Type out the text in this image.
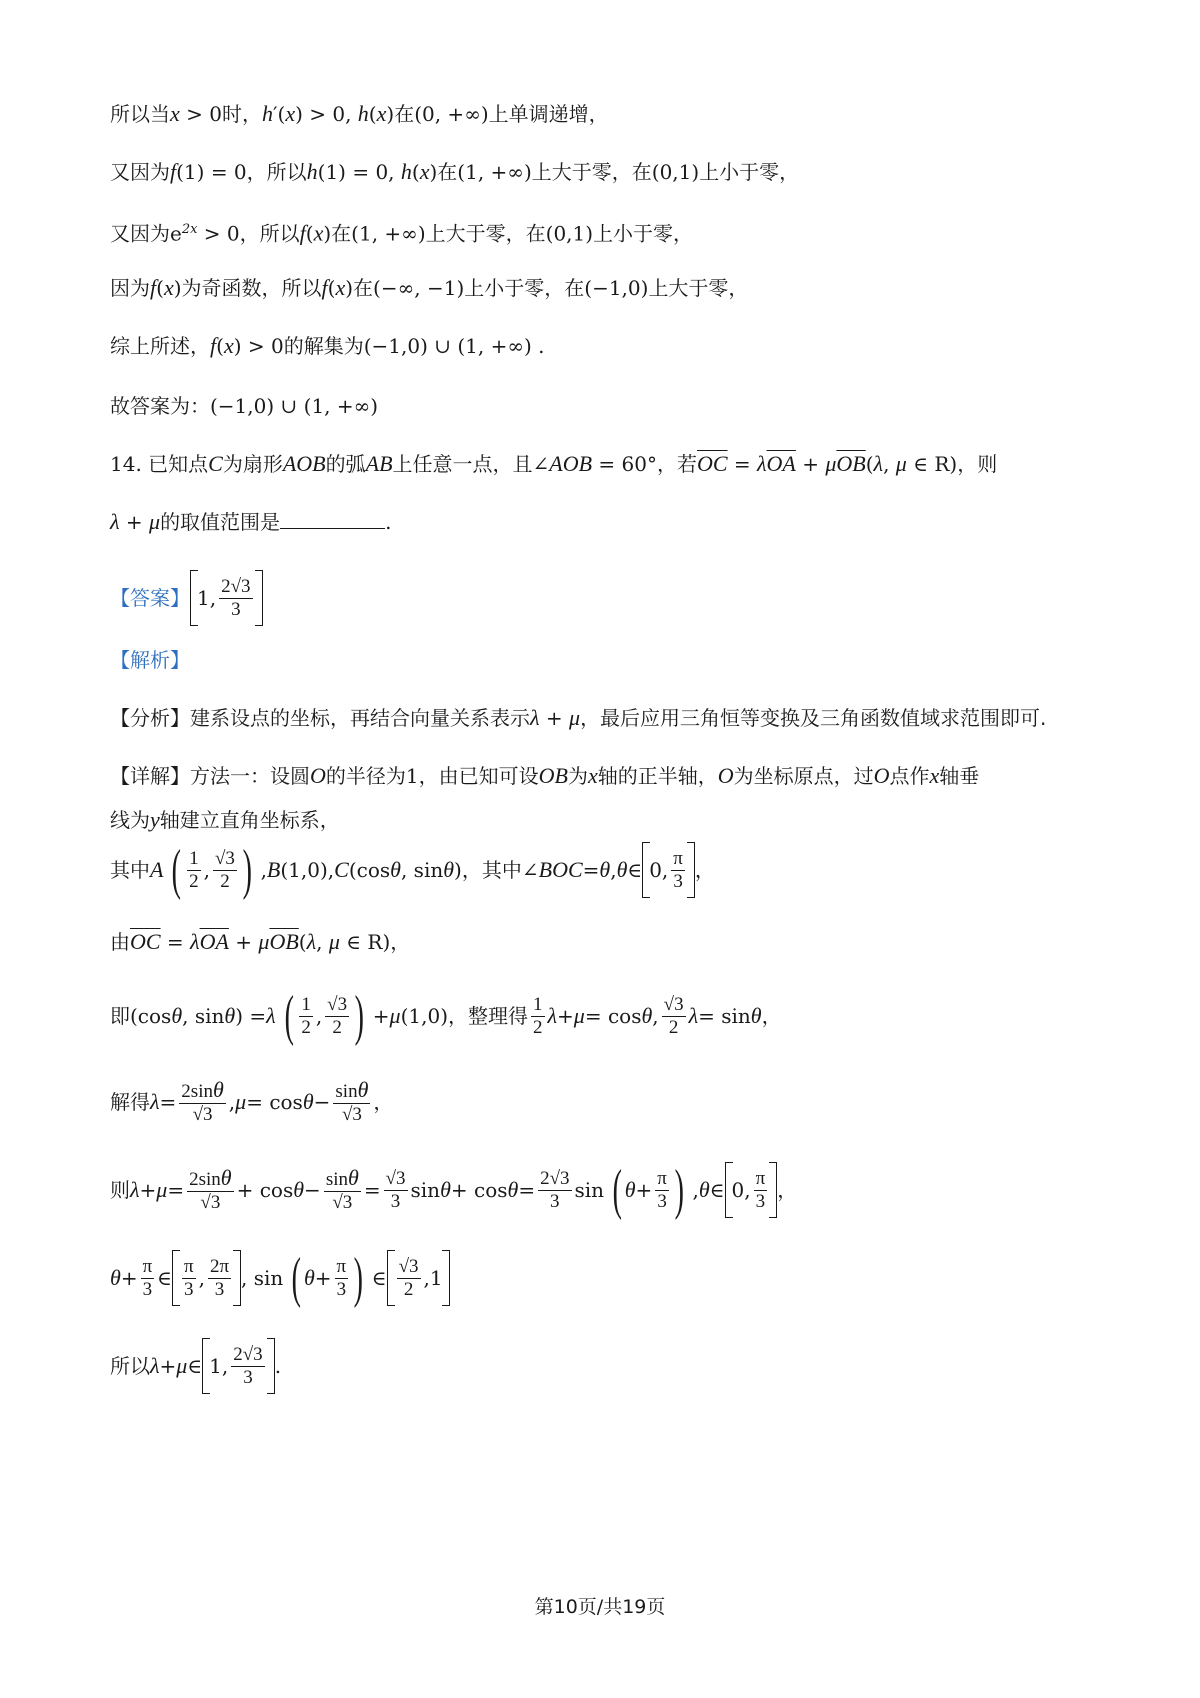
所以当x > 0时，h′(x) > 0, h(x)在(0, +∞)上单调递增，
又因为f(1) = 0，所以h(1) = 0, h(x)在(1, +∞)上大于零，在(0,1)上小于零，
又因为$e^{2x} > 0$，所以f(x)在(1, +∞)上大于零，在(0,1)上小于零，
因为f(x)为奇函数，所以f(x)在(−∞, −1)上小于零，在(−1,0)上大于零，
综上所述，f(x) > 0的解集为(−1,0) ∪ (1, +∞) .
故答案为：(−1,0) ∪ (1, +∞)
14. 已知点C为扇形AOB的弧AB上任意一点，且∠AOB = 60°，若$\overline{OC} = \lambda\overline{OA} + \mu\overline{OB}(\lambda$, μ ∈ R)，则
λ + μ的取值范围是	.
【答案】 1, $\frac{2√3}{3}$
【解析】
【分析】建系设点的坐标，再结合向量关系表示λ + μ，最后应用三角恒等变换及三角函数值域求范围即可.
【详解】方法一：设圆O的半径为1，由已知可设OB为x轴的正半轴，O为坐标原点，过O点作x轴垂
线为y轴建立直角坐标系，
其中 A ( $\frac{1}{2}$ , $\frac{√3}{2}$
) , B (1,0), C (cos θ , sin θ ) ，其中 ∠ BOC = θ , θ ∈ 0, $\frac{\pi}{3}$ ，
由$\overline{OC} = \lambda\overline{OA} + \mu\overline{OB}(\lambda$, μ ∈ R)，
即 (cos θ , sin θ ) = λ ( $\frac{1}{2}$ , $\frac{√3}{2}$
) + μ (1,0) ，整理得 $\frac{1}{2}$ λ + μ = cos θ , $\frac{√3}{2}$ λ = sin θ ，
解得 $\lambda = \frac{2\sin\theta}{√3}$ , $\mu = \cos \theta - \frac{\sin\theta}{√3}$ ，
则 $\lambda + \mu = \frac{2\sin\theta}{√3} + \cos \theta - \frac{\sin\theta}{√3} = \frac{√3}{3}$ $\sin \theta + \cos \theta = \frac{2√3}{3}$ sin ( $\theta + \frac{\pi}{3}$
) , θ ∈ 0, $\frac{\pi}{3}$ ，
$\theta + \frac{\pi}{3}$ ∈ $\frac{\pi}{3}$ , $\frac{2\pi}{3}$ , sin ( $\theta + \frac{\pi}{3}$
) ∈ $\frac{√3}{2} ,1$
所以 λ + μ ∈ 1, $\frac{2√3}{3}$ .
第10页/共19页
